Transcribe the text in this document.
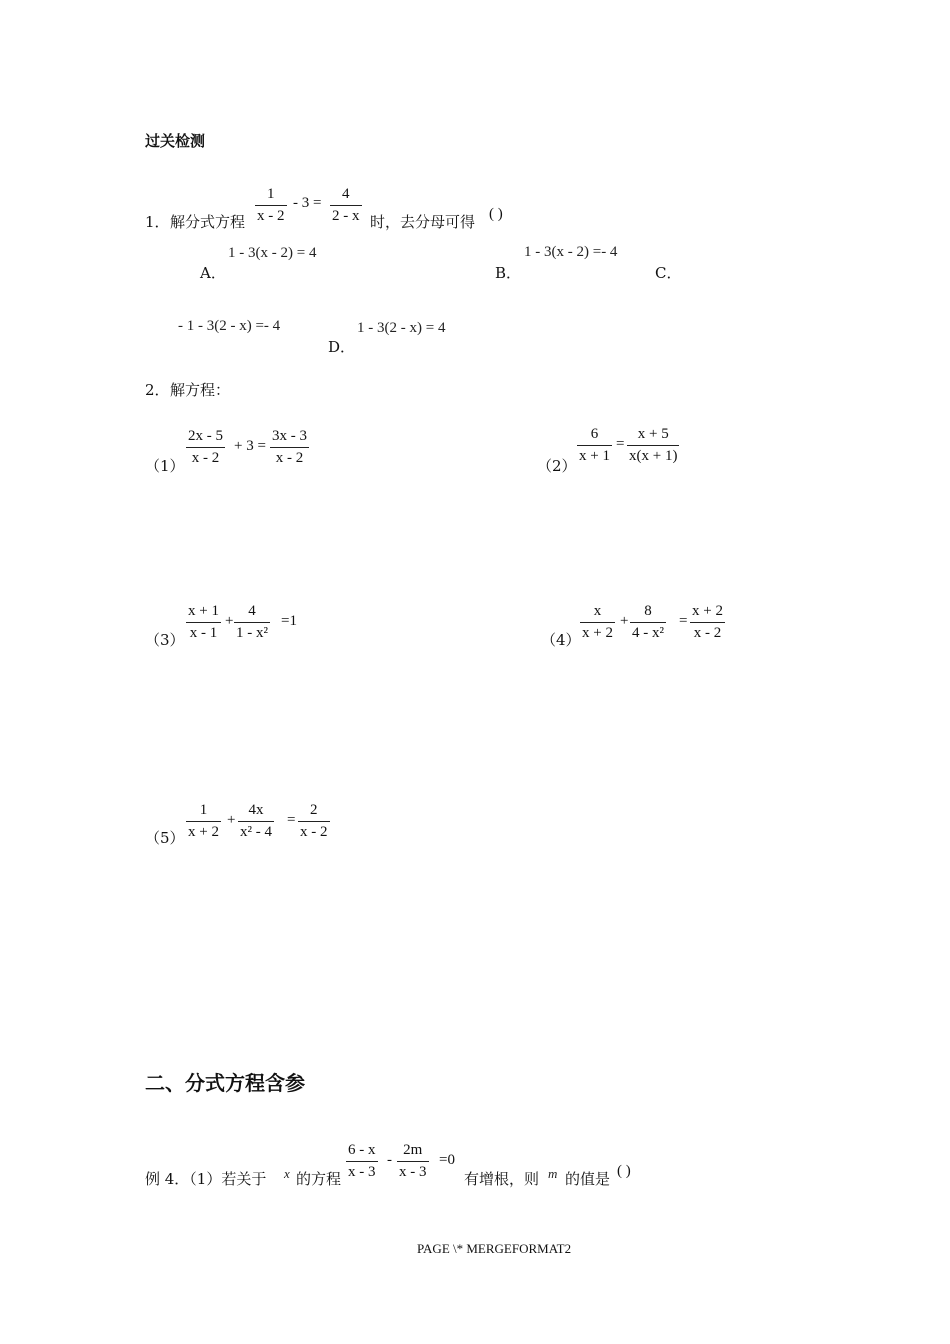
过关检测
1． 解分式方程
1
x - 2
- 3 =
4
2 - x 时，去分母可得 ( )
1 - 3(x - 2) = 4
A．
1 - 3(x - 2) =- 4
B．	C．
- 1 - 3(2 - x) =- 4	1 - 3(2 - x) = 4
D．
2． 解方程：
（1）
2x - 5
x - 2
+ 3 =
3x - 3
x - 2	（2）
6
x + 1
=
x + 5
x(x + 1)
（3）
x + 1
x - 1
+
4
1 - x²
=1
（4）
x
x + 2
+
8
4 - x²
=
x + 2
x - 2
（5）
1
x + 2
+
4x
x² - 4
=
2
x - 2
二、分式方程含参
例 4．（1）若关于 x 的方程
6 - x
x - 3
-
2m
x - 3
=0
有增根，则 m 的值是 ( )
PAGE \* MERGEFORMAT2
